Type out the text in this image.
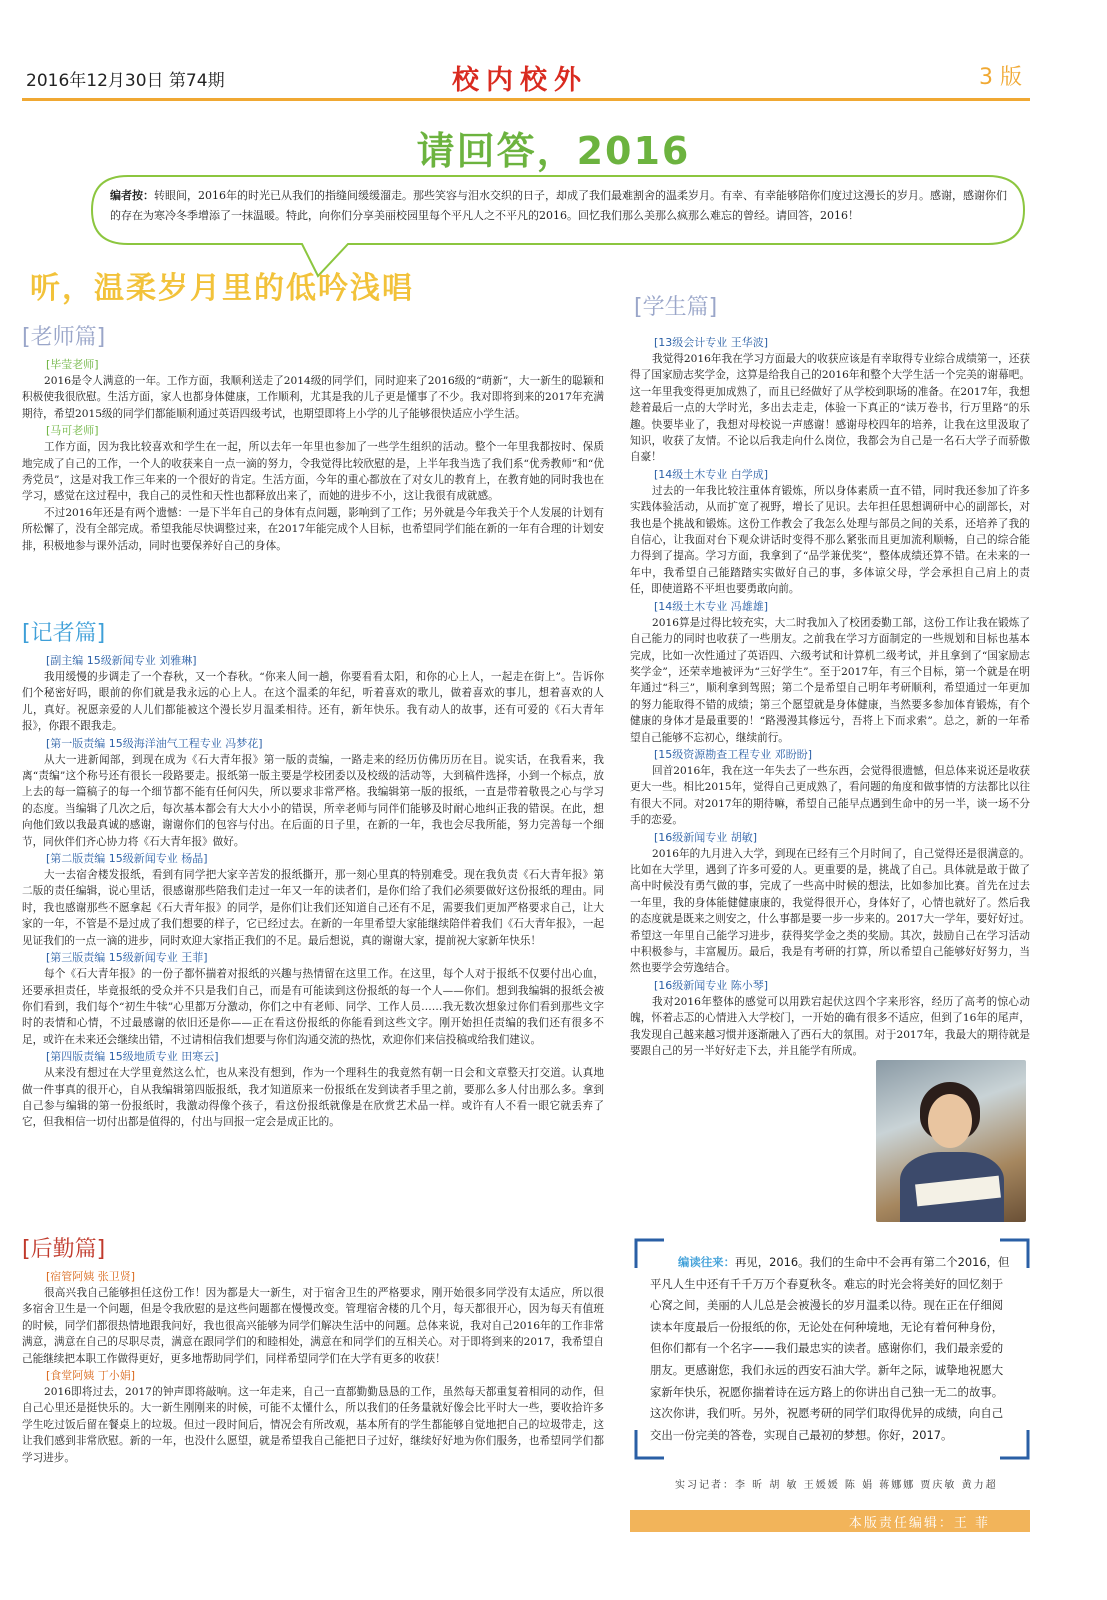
2016年12月30日 第74期	校内校外	3 版
请回答，2016
编者按：转眼间，2016年的时光已从我们的指缝间缓缓溜走。那些笑容与泪水交织的日子，却成了我们最难割舍的温柔岁月。有幸、有幸能够陪你们度过这漫长的岁月。感谢，感谢你们的存在为寒冷冬季增添了一抹温暖。特此，向你们分享美丽校园里每个平凡人之不平凡的2016。回忆我们那么美那么疯那么难忘的曾经。请回答，2016！
听，温柔岁月里的低吟浅唱
[老师篇]
[记者篇]
[后勤篇]
[学生篇]
[毕莹老师]

2016是令人满意的一年。工作方面，我顺利送走了2014级的同学们，同时迎来了2016级的“萌新”，大一新生的聪颖和积极使我很欣慰。生活方面，家人也都身体健康，工作顺利，尤其是我的儿子更是懂事了不少。我对即将到来的2017年充满期待，希望2015级的同学们都能顺利通过英语四级考试，也期望即将上小学的儿子能够很快适应小学生活。

[马可老师]

工作方面，因为我比较喜欢和学生在一起，所以去年一年里也参加了一些学生组织的活动。整个一年里我都按时、保质地完成了自己的工作，一个人的收获来自一点一滴的努力，令我觉得比较欣慰的是，上半年我当选了我们系“优秀教师”和“优秀党员”，这是对我工作三年来的一个很好的肯定。生活方面，今年的重心都放在了对女儿的教育上，在教育她的同时我也在学习，感觉在这过程中，我自己的灵性和天性也都释放出来了，而她的进步不小，这让我很有成就感。

不过2016年还是有两个遗憾：一是下半年自己的身体有点问题，影响到了工作；另外就是今年我关于个人发展的计划有所松懈了，没有全部完成。希望我能尽快调整过来，在2017年能完成个人目标，也希望同学们能在新的一年有合理的计划安排，积极地参与课外活动，同时也要保养好自己的身体。

[副主编 15级新闻专业 刘雅琳]

我用缓慢的步调走了一个春秋，又一个春秋。“你来人间一趟，你要看看太阳，和你的心上人，一起走在街上”。告诉你们个秘密好吗，眼前的你们就是我永远的心上人。在这个温柔的年纪，听着喜欢的歌儿，做着喜欢的事儿，想着喜欢的人儿，真好。祝愿亲爱的人儿们都能被这个漫长岁月温柔相待。还有，新年快乐。我有动人的故事，还有可爱的《石大青年报》，你跟不跟我走。

[第一版责编 15级海洋油气工程专业 冯梦花]

从大一进新闻部，到现在成为《石大青年报》第一版的责编，一路走来的经历仿佛历历在目。说实话，在我看来，我离“责编”这个称号还有很长一段路要走。报纸第一版主要是学校团委以及校级的活动等，大到稿件选择，小到一个标点，放上去的每一篇稿子的每一个细节都不能有任何闪失，所以要求非常严格。我编辑第一版的报纸，一直是带着敬畏之心与学习的态度。当编辑了几次之后，每次基本都会有大大小小的错误，所幸老师与同伴们能够及时耐心地纠正我的错误。在此，想向他们致以我最真诚的感谢，谢谢你们的包容与付出。在后面的日子里，在新的一年，我也会尽我所能，努力完善每一个细节，同伙伴们齐心协力将《石大青年报》做好。

[第二版责编 15级新闻专业 杨晶]

大一去宿舍楼发报纸，看到有同学把大家辛苦发的报纸撕开，那一刻心里真的特别难受。现在我负责《石大青年报》第二版的责任编辑，说心里话，很感谢那些陪我们走过一年又一年的读者们，是你们给了我们必须要做好这份报纸的理由。同时，我也感谢那些不愿拿起《石大青年报》的同学，是你们让我们还知道自己还有不足，需要我们更加严格要求自己，让大家的一年，不管是不是过成了我们想要的样子，它已经过去。在新的一年里希望大家能继续陪伴着我们《石大青年报》，一起见证我们的一点一滴的进步，同时欢迎大家指正我们的不足。最后想说，真的谢谢大家，提前祝大家新年快乐！

[第三版责编 15级新闻专业 王菲]

每个《石大青年报》的一份子都怀揣着对报纸的兴趣与热情留在这里工作。在这里，每个人对于报纸不仅要付出心血，还要承担责任，毕竟报纸的受众并不只是我们自己，而是有可能读到这份报纸的每一个人——你们。想到我编辑的报纸会被你们看到，我们每个“初生牛犊”心里都万分激动，你们之中有老师、同学、工作人员……我无数次想象过你们看到那些文字时的表情和心情，不过最感谢的依旧还是你——正在看这份报纸的你能看到这些文字。刚开始担任责编的我们还有很多不足，或许在未来还会继续出错，不过请相信我们想要与你们沟通交流的热忱，欢迎你们来信投稿或给我们建议。

[第四版责编 15级地质专业 田寒云]

从来没有想过在大学里竟然这么忙，也从来没有想到，作为一个理科生的我竟然有朝一日会和文章整天打交道。认真地做一件事真的很开心，自从我编辑第四版报纸，我才知道原来一份报纸在发到读者手里之前，要那么多人付出那么多。拿到自己参与编辑的第一份报纸时，我激动得像个孩子，看这份报纸就像是在欣赏艺术品一样。或许有人不看一眼它就丢弃了它，但我相信一切付出都是值得的，付出与回报一定会是成正比的。

[宿管阿姨 张卫贤]

很高兴我自己能够担任这份工作！因为都是大一新生，对于宿舍卫生的严格要求，刚开始很多同学没有太适应，所以很多宿舍卫生是一个问题，但是令我欣慰的是这些问题都在慢慢改变。管理宿舍楼的几个月，每天都很开心，因为每天有值班的时候，同学们都很热情地跟我问好，我也很高兴能够为同学们解决生活中的问题。总体来说，我对自己2016年的工作非常满意，满意在自己的尽职尽责，满意在跟同学们的和睦相处，满意在和同学们的互相关心。对于即将到来的2017，我希望自己能继续把本职工作做得更好，更多地帮助同学们，同样希望同学们在大学有更多的收获！

[食堂阿姨 丁小娟]

2016即将过去，2017的钟声即将敲响。这一年走来，自己一直都勤勤恳恳的工作，虽然每天都重复着相同的动作，但自己心里还是挺快乐的。大一新生刚刚来的时候，可能不太懂什么，所以我们的任务量就好像会比平时大一些，要收拾许多学生吃过饭后留在餐桌上的垃圾。但过一段时间后，情况会有所改观，基本所有的学生都能够自觉地把自己的垃圾带走，这让我们感到非常欣慰。新的一年，也没什么愿望，就是希望我自己能把日子过好，继续好好地为你们服务，也希望同学们都学习进步。

[13级会计专业 王华波]

我觉得2016年我在学习方面最大的收获应该是有幸取得专业综合成绩第一，还获得了国家励志奖学金，这算是给我自己的2016年和整个大学生活一个完美的谢幕吧。这一年里我变得更加成熟了，而且已经做好了从学校到职场的准备。在2017年，我想趁着最后一点的大学时光，多出去走走，体验一下真正的“读万卷书，行万里路”的乐趣。快要毕业了，我想对母校说一声感谢！感谢母校四年的培养，让我在这里汲取了知识，收获了友情。不论以后我走向什么岗位，我都会为自己是一名石大学子而骄傲自豪！

[14级土木专业 白学成]

过去的一年我比较注重体育锻炼，所以身体素质一直不错，同时我还参加了许多实践体验活动，从而扩宽了视野，增长了见识。去年担任思想调研中心的副部长，对我也是个挑战和锻炼。这份工作教会了我怎么处理与部员之间的关系，还培养了我的自信心，让我面对台下观众讲话时变得不那么紧张而且更加流利顺畅，自己的综合能力得到了提高。学习方面，我拿到了“品学兼优奖”，整体成绩还算不错。在未来的一年中，我希望自己能踏踏实实做好自己的事，多体谅父母，学会承担自己肩上的责任，即使道路不平坦也要勇敢向前。

[14级土木专业 冯雄雄]

2016算是过得比较充实，大二时我加入了校团委勤工部，这份工作让我在锻炼了自己能力的同时也收获了一些朋友。之前我在学习方面制定的一些规划和目标也基本完成，比如一次性通过了英语四、六级考试和计算机二级考试，并且拿到了“国家励志奖学金”，还荣幸地被评为“三好学生”。至于2017年，有三个目标，第一个就是在明年通过“科三”，顺利拿到驾照；第二个是希望自己明年考研顺利，希望通过一年更加的努力能取得不错的成绩；第三个愿望就是身体健康，当然要多参加体育锻炼，有个健康的身体才是最重要的！“路漫漫其修远兮，吾将上下而求索”。总之，新的一年希望自己能够不忘初心，继续前行。

[15级资源勘查工程专业 邓盼盼]

回首2016年，我在这一年失去了一些东西，会觉得很遗憾，但总体来说还是收获更大一些。相比2015年，觉得自己更成熟了，看问题的角度和做事情的方法都比以往有很大不同。对2017年的期待嘛，希望自己能早点遇到生命中的另一半，谈一场不分手的恋爱。

[16级新闻专业 胡敏]

2016年的九月进入大学，到现在已经有三个月时间了，自己觉得还是很满意的。比如在大学里，遇到了许多可爱的人。更重要的是，挑战了自己。具体就是敢于做了高中时候没有勇气做的事，完成了一些高中时候的想法，比如参加比赛。首先在过去一年里，我的身体能健健康康的，我觉得很开心，身体好了，心情也就好了。然后我的态度就是既来之则安之，什么事都是要一步一步来的。2017大一学年，要好好过。希望这一年里自己能学习进步，获得奖学金之类的奖励。其次，鼓励自己在学习活动中积极参与，丰富履历。最后，我是有考研的打算，所以希望自己能够好好努力，当然也要学会劳逸结合。

[16级新闻专业 陈小琴]

我对2016年整体的感觉可以用跌宕起伏这四个字来形容，经历了高考的惊心动魄，怀着忐忑的心情进入大学校门，一开始的确有很多不适应，但到了16年的尾声，我发现自己越来越习惯并逐渐融入了西石大的氛围。对于2017年，我最大的期待就是要跟自己的另一半好好走下去，并且能学有所成。

编读往来：再见，2016。我们的生命中不会再有第二个2016，但平凡人生中还有千千万万个春夏秋冬。难忘的时光会将美好的回忆刻于心窝之间，美丽的人儿总是会被漫长的岁月温柔以待。现在正在仔细阅读本年度最后一份报纸的你，无论处在何种境地，无论有着何种身份，但你们都有一个名字——我们最忠实的读者。感谢你们，我们最亲爱的朋友。更感谢您，我们永远的西安石油大学。新年之际，诚挚地祝愿大家新年快乐，祝愿你揣着诗在远方路上的你讲出自己独一无二的故事。这次你讲，我们听。另外，祝愿考研的同学们取得优异的成绩，向自己交出一份完美的答卷，实现自己最初的梦想。你好，2017。
实习记者：李 昕 胡 敏 王媛媛 陈 娟 蒋娜娜 贾庆敏 黄力超
本版责任编辑：王 菲
